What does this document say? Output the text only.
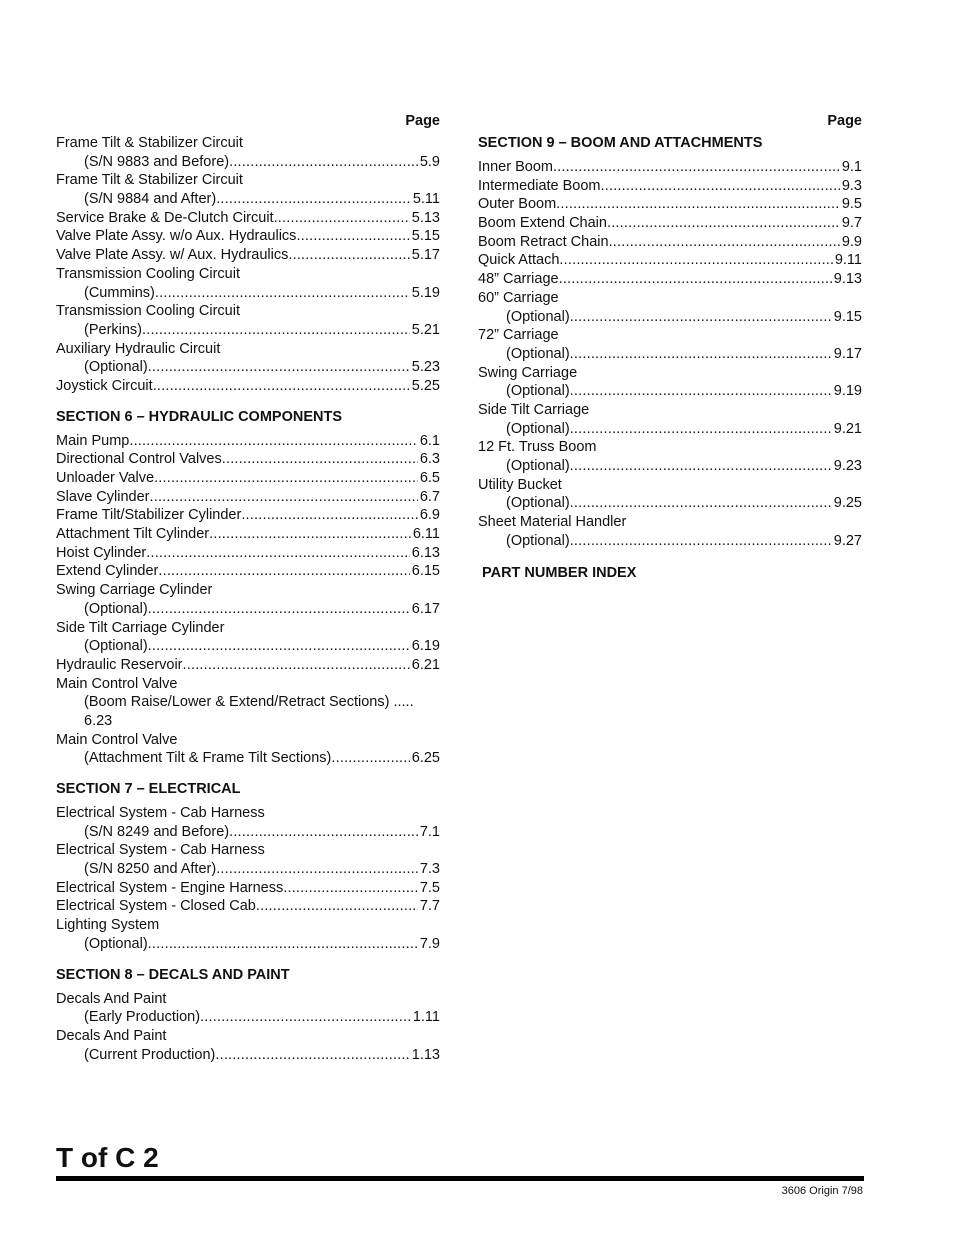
Page
Frame Tilt & Stabilizer Circuit
(S/N 9883 and Before) .....	5.9
Frame Tilt & Stabilizer Circuit
(S/N 9884 and After) .....	5.11
Service Brake & De-Clutch Circuit .....	5.13
Valve Plate Assy. w/o Aux. Hydraulics .....	5.15
Valve Plate Assy. w/ Aux. Hydraulics .....	5.17
Transmission Cooling Circuit
(Cummins) .....	5.19
Transmission Cooling Circuit
(Perkins) .....	5.21
Auxiliary Hydraulic Circuit
(Optional) .....	5.23
Joystick Circuit .....	5.25
SECTION 6 – HYDRAULIC COMPONENTS
Main Pump .....	6.1
Directional Control Valves .....	6.3
Unloader Valve .....	6.5
Slave Cylinder .....	6.7
Frame Tilt/Stabilizer Cylinder .....	6.9
Attachment Tilt Cylinder .....	6.11
Hoist Cylinder .....	6.13
Extend Cylinder .....	6.15
Swing Carriage Cylinder
(Optional) .....	6.17
Side Tilt Carriage Cylinder
(Optional) .....	6.19
Hydraulic Reservoir .....	6.21
Main Control Valve
(Boom Raise/Lower & Extend/Retract Sections) .....
6.23
Main Control Valve
(Attachment Tilt & Frame Tilt Sections) .....	6.25
SECTION 7 – ELECTRICAL
Electrical System - Cab Harness
(S/N 8249 and Before) .....	7.1
Electrical System - Cab Harness
(S/N 8250 and After) .....	7.3
Electrical System - Engine Harness .....	7.5
Electrical System - Closed Cab .....	7.7
Lighting System
(Optional) .....	7.9
SECTION 8 – DECALS AND PAINT
Decals And Paint
(Early Production) .....	1.11
Decals And Paint
(Current Production) .....	1.13
Page
SECTION 9 – BOOM AND ATTACHMENTS
Inner Boom .....	9.1
Intermediate Boom .....	9.3
Outer Boom .....	9.5
Boom Extend Chain .....	9.7
Boom Retract Chain .....	9.9
Quick Attach .....	9.11
48” Carriage .....	9.13
60” Carriage
(Optional) .....	9.15
72” Carriage
(Optional) .....	9.17
Swing Carriage
(Optional) .....	9.19
Side Tilt Carriage
(Optional) .....	9.21
12 Ft. Truss Boom
(Optional) .....	9.23
Utility Bucket
(Optional) .....	9.25
Sheet Material Handler
(Optional) .....	9.27
PART NUMBER INDEX
T of C 2
3606 Origin 7/98
